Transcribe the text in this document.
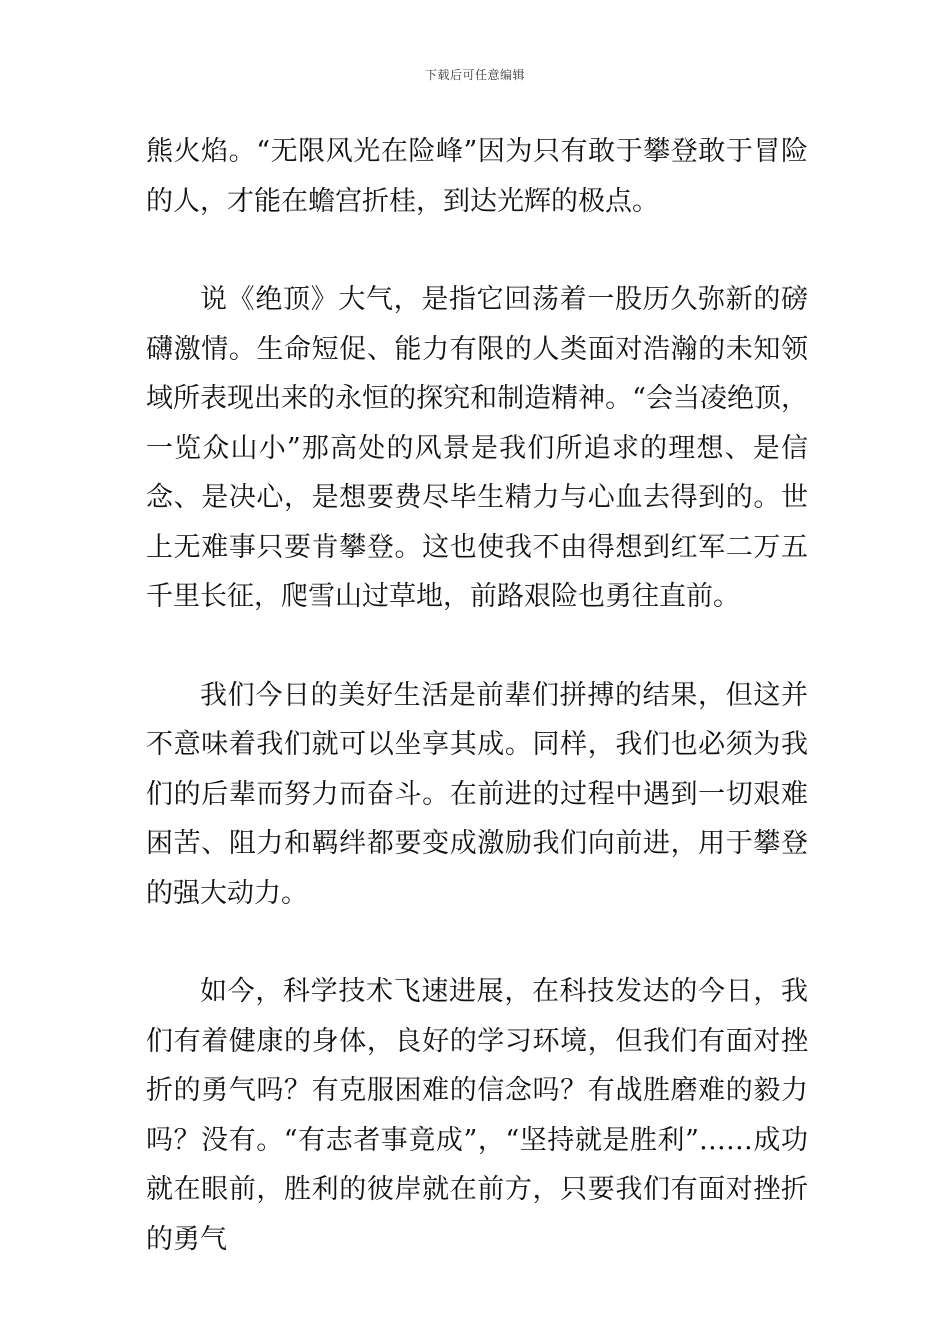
下载后可任意编辑

熊火焰。“无限风光在险峰”因为只有敢于攀登敢于冒险的人，才能在蟾宫折桂，到达光辉的极点。

说《绝顶》大气，是指它回荡着一股历久弥新的磅礴激情。生命短促、能力有限的人类面对浩瀚的未知领域所表现出来的永恒的探究和制造精神。“会当凌绝顶，一览众山小”那高处的风景是我们所追求的理想、是信念、是决心，是想要费尽毕生精力与心血去得到的。世上无难事只要肯攀登。这也使我不由得想到红军二万五千里长征，爬雪山过草地，前路艰险也勇往直前。

我们今日的美好生活是前辈们拼搏的结果，但这并不意味着我们就可以坐享其成。同样，我们也必须为我们的后辈而努力而奋斗。在前进的过程中遇到一切艰难困苦、阻力和羁绊都要变成激励我们向前进，用于攀登的强大动力。

如今，科学技术飞速进展，在科技发达的今日，我们有着健康的身体，良好的学习环境，但我们有面对挫折的勇气吗？有克服困难的信念吗？有战胜磨难的毅力吗？没有。“有志者事竟成”，“坚持就是胜利”……成功就在眼前，胜利的彼岸就在前方，只要我们有面对挫折的勇气
